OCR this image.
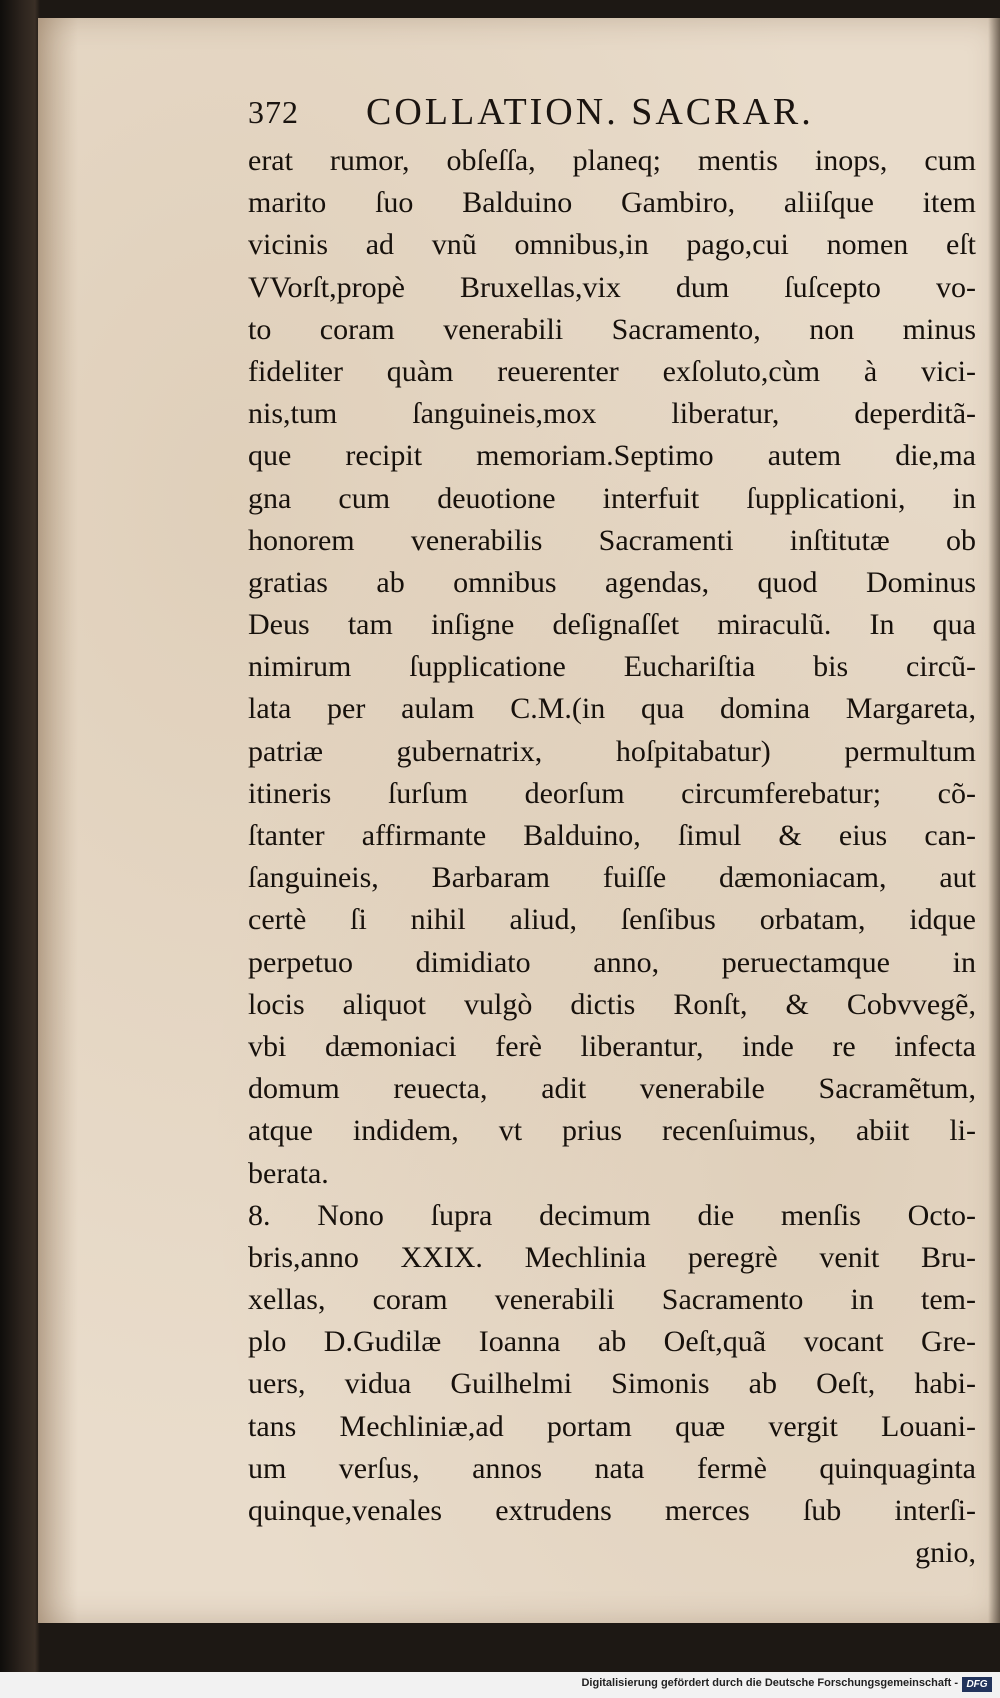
372 COLLATION. SACRAR.
erat rumor, obſeſſa, planeq; mentis inops, cum
marito ſuo Balduino Gambiro, aliiſque item
vicinis ad vnũ omnibus,in pago,cui nomen eſt
VVorſt,propè Bruxellas,vix dum ſuſcepto vo-
to coram venerabili Sacramento, non minus
fideliter quàm reuerenter exſoluto,cùm à vici-
nis,tum ſanguineis,mox liberatur, deperditã-
que recipit memoriam.Septimo autem die,ma
gna cum deuotione interfuit ſupplicationi, in
honorem venerabilis Sacramenti inſtitutæ ob
gratias ab omnibus agendas, quod Dominus
Deus tam inſigne deſignaſſet miraculũ. In qua
nimirum ſupplicatione Euchariſtia bis circũ-
lata per aulam C.M.(in qua domina Margareta,
patriæ gubernatrix, hoſpitabatur) permultum
itineris ſurſum deorſum circumferebatur; cõ-
ſtanter affirmante Balduino, ſimul & eius can-
ſanguineis, Barbaram fuiſſe dæmoniacam, aut
certè ſi nihil aliud, ſenſibus orbatam, idque
perpetuo dimidiato anno, peruectamque in
locis aliquot vulgò dictis Ronſt, & Cobvvegẽ,
vbi dæmoniaci ferè liberantur, inde re infecta
domum reuecta, adit venerabile Sacramẽtum,
atque indidem, vt prius recenſuimus, abiit li-
berata.
8. Nono ſupra decimum die menſis Octo-
bris,anno XXIX. Mechlinia peregrè venit Bru-
xellas, coram venerabili Sacramento in tem-
plo D.Gudilæ Ioanna ab Oeſt,quã vocant Gre-
uers, vidua Guilhelmi Simonis ab Oeſt, habi-
tans Mechliniæ,ad portam quæ vergit Louani-
um verſus, annos nata fermè quinquaginta
quinque,venales extrudens merces ſub interſi-
gnio,
Digitalisierung gefördert durch die Deutsche Forschungsgemeinschaft - DFG
